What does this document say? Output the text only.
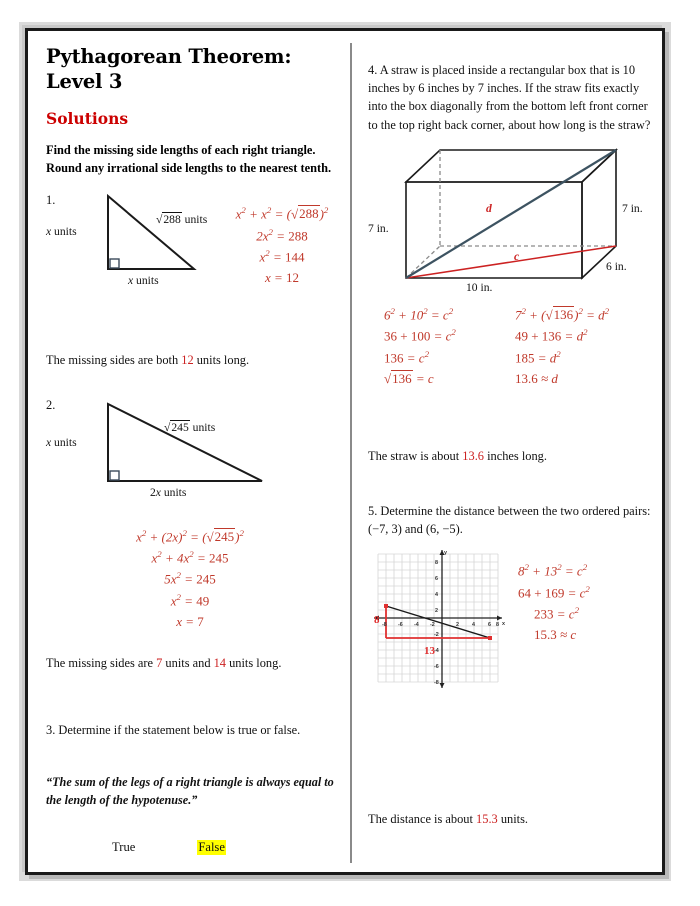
Pythagorean Theorem: Level 3
Solutions

Find the missing side lengths of each right triangle. Round any irrational side lengths to the nearest tenth.

1.
x units
√288 units
x units
$x^2 + x^2 = (√288)^2$
$2x^2 = 288$
$x^2 = 144$
x = 12

The missing sides are both 12 units long.

2.
x units
√245 units
2x units
$x^2 + (2x)^2 = (√245)^2$
$x^2 + 4x^2 = 245$
$5x^2 = 245$
$x^2 = 49$
x = 7

The missing sides are 7 units and 14 units long.

3. Determine if the statement below is true or false.

“The sum of the legs of a right triangle is always equal to the length of the hypotenuse.”

True	False

4. A straw is placed inside a rectangular box that is 10 inches by 6 inches by 7 inches. If the straw fits exactly into the box diagonally from the bottom left front corner to the top right back corner, about how long is the straw?

7 in.
7 in.
6 in.
10 in.
d
c
$6^2 + 10^2 = c^2$
$36 + 100 = c^2$
$136 = c^2$
√136 = c
$7^2 + (√136)^2 = d^2$
$49 + 136 = d^2$
$185 = d^2$
13.6 ≈ d

The straw is about 13.6 inches long.

5. Determine the distance between the two ordered pairs: (−7, 3) and (6, −5).

-8 -6 -4 -2	2 4 6 8
8
6
4
2
-2
-4
-6
-8
x
y
8
13
$8^2 + 13^2 = c^2$
$64 + 169 = c^2$
$233 = c^2$
15.3 ≈ c

The distance is about 15.3 units.
